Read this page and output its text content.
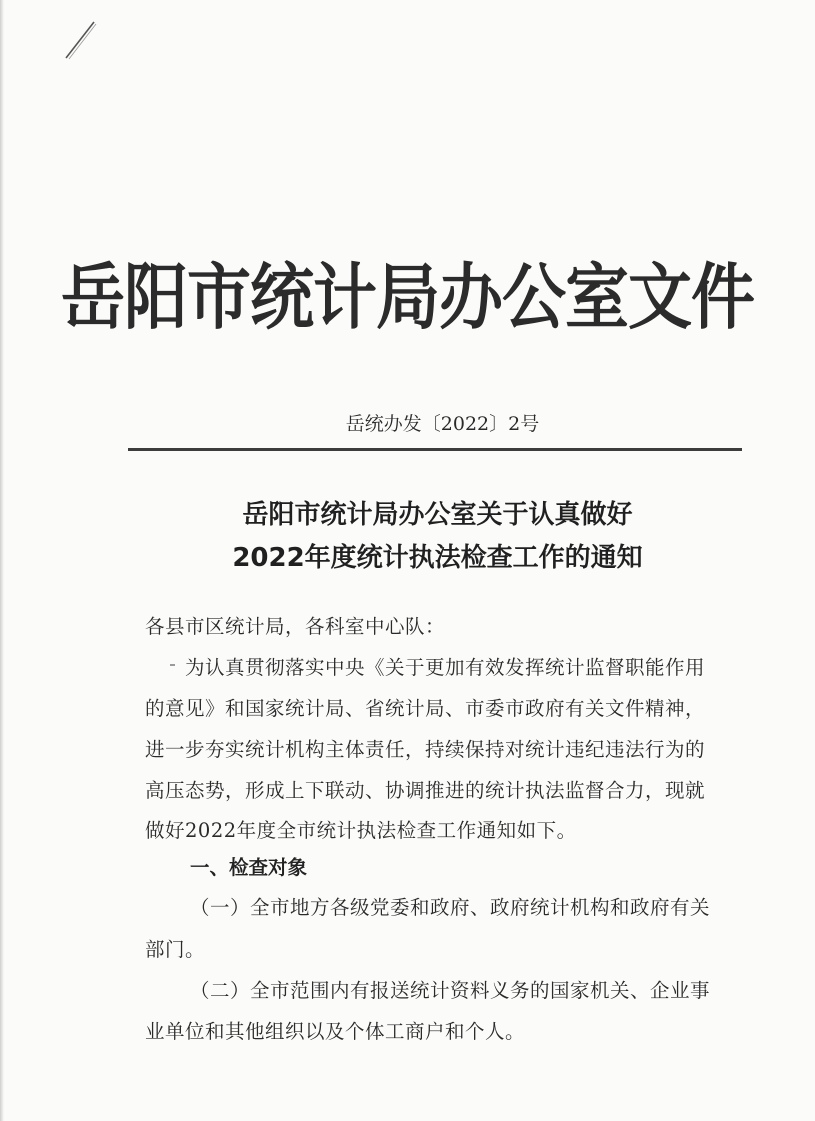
岳阳市统计局办公室文件
岳统办发〔2022〕2号
岳阳市统计局办公室关于认真做好
2022年度统计执法检查工作的通知
各县市区统计局，各科室中心队：
为认真贯彻落实中央《关于更加有效发挥统计监督职能作用
的意见》和国家统计局、省统计局、市委市政府有关文件精神，
进一步夯实统计机构主体责任，持续保持对统计违纪违法行为的
高压态势，形成上下联动、协调推进的统计执法监督合力，现就
做好2022年度全市统计执法检查工作通知如下。
一、检查对象
（一）全市地方各级党委和政府、政府统计机构和政府有关
部门。
（二）全市范围内有报送统计资料义务的国家机关、企业事
业单位和其他组织以及个体工商户和个人。
